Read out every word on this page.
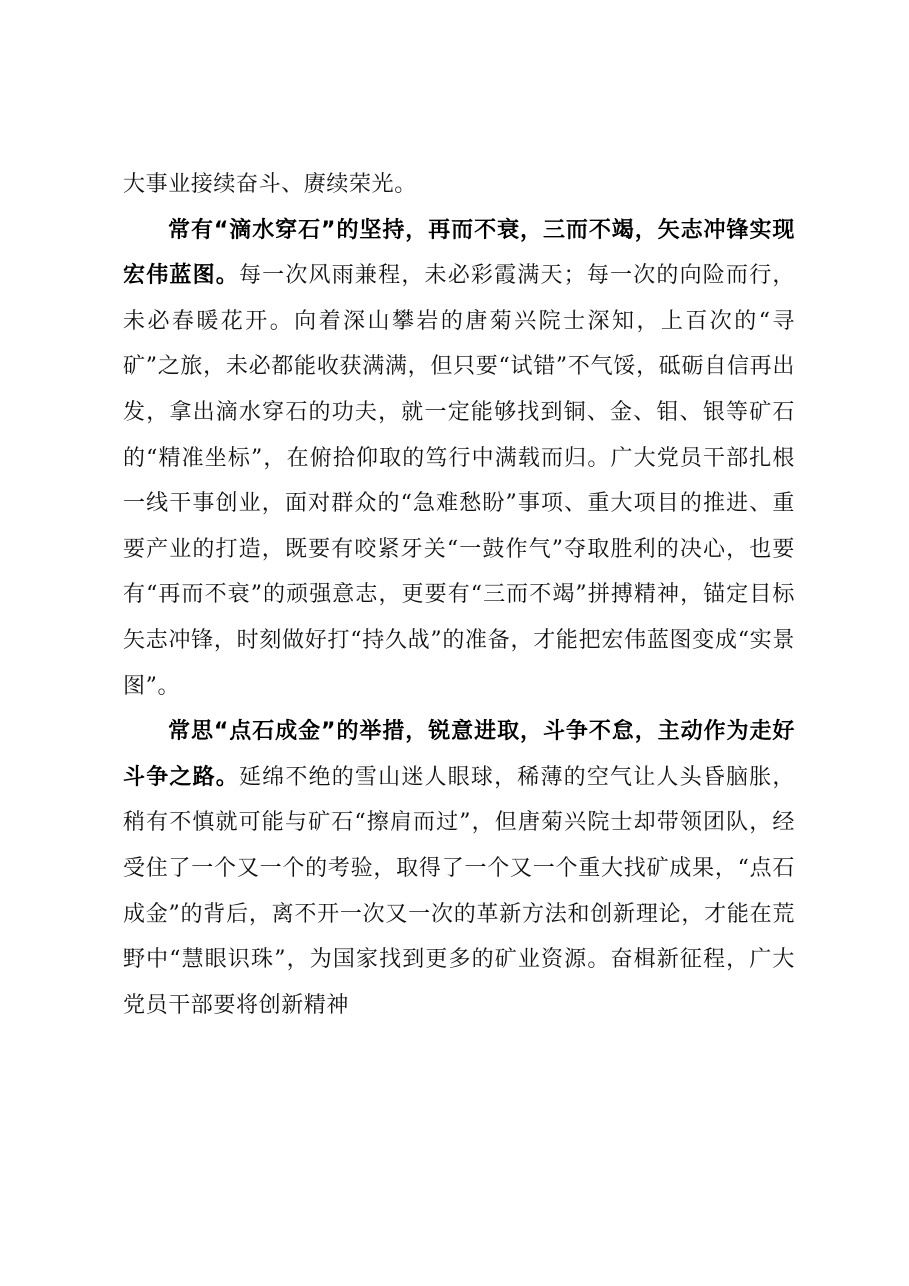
大事业接续奋斗、赓续荣光。

常有“滴水穿石”的坚持，再而不衰，三而不竭，矢志冲锋实现宏伟蓝图。每一次风雨兼程，未必彩霞满天；每一次的向险而行，未必春暖花开。向着深山攀岩的唐菊兴院士深知，上百次的“寻矿”之旅，未必都能收获满满，但只要“试错”不气馁，砥砺自信再出发，拿出滴水穿石的功夫，就一定能够找到铜、金、钼、银等矿石的“精准坐标”，在俯拾仰取的笃行中满载而归。广大党员干部扎根一线干事创业，面对群众的“急难愁盼”事项、重大项目的推进、重要产业的打造，既要有咬紧牙关“一鼓作气”夺取胜利的决心，也要有“再而不衰”的顽强意志，更要有“三而不竭”拼搏精神，锚定目标矢志冲锋，时刻做好打“持久战”的准备，才能把宏伟蓝图变成“实景图”。

常思“点石成金”的举措，锐意进取，斗争不怠，主动作为走好斗争之路。延绵不绝的雪山迷人眼球，稀薄的空气让人头昏脑胀，稍有不慎就可能与矿石“擦肩而过”，但唐菊兴院士却带领团队，经受住了一个又一个的考验，取得了一个又一个重大找矿成果，“点石成金”的背后，离不开一次又一次的革新方法和创新理论，才能在荒野中“慧眼识珠”，为国家找到更多的矿业资源。奋楫新征程，广大党员干部要将创新精神
